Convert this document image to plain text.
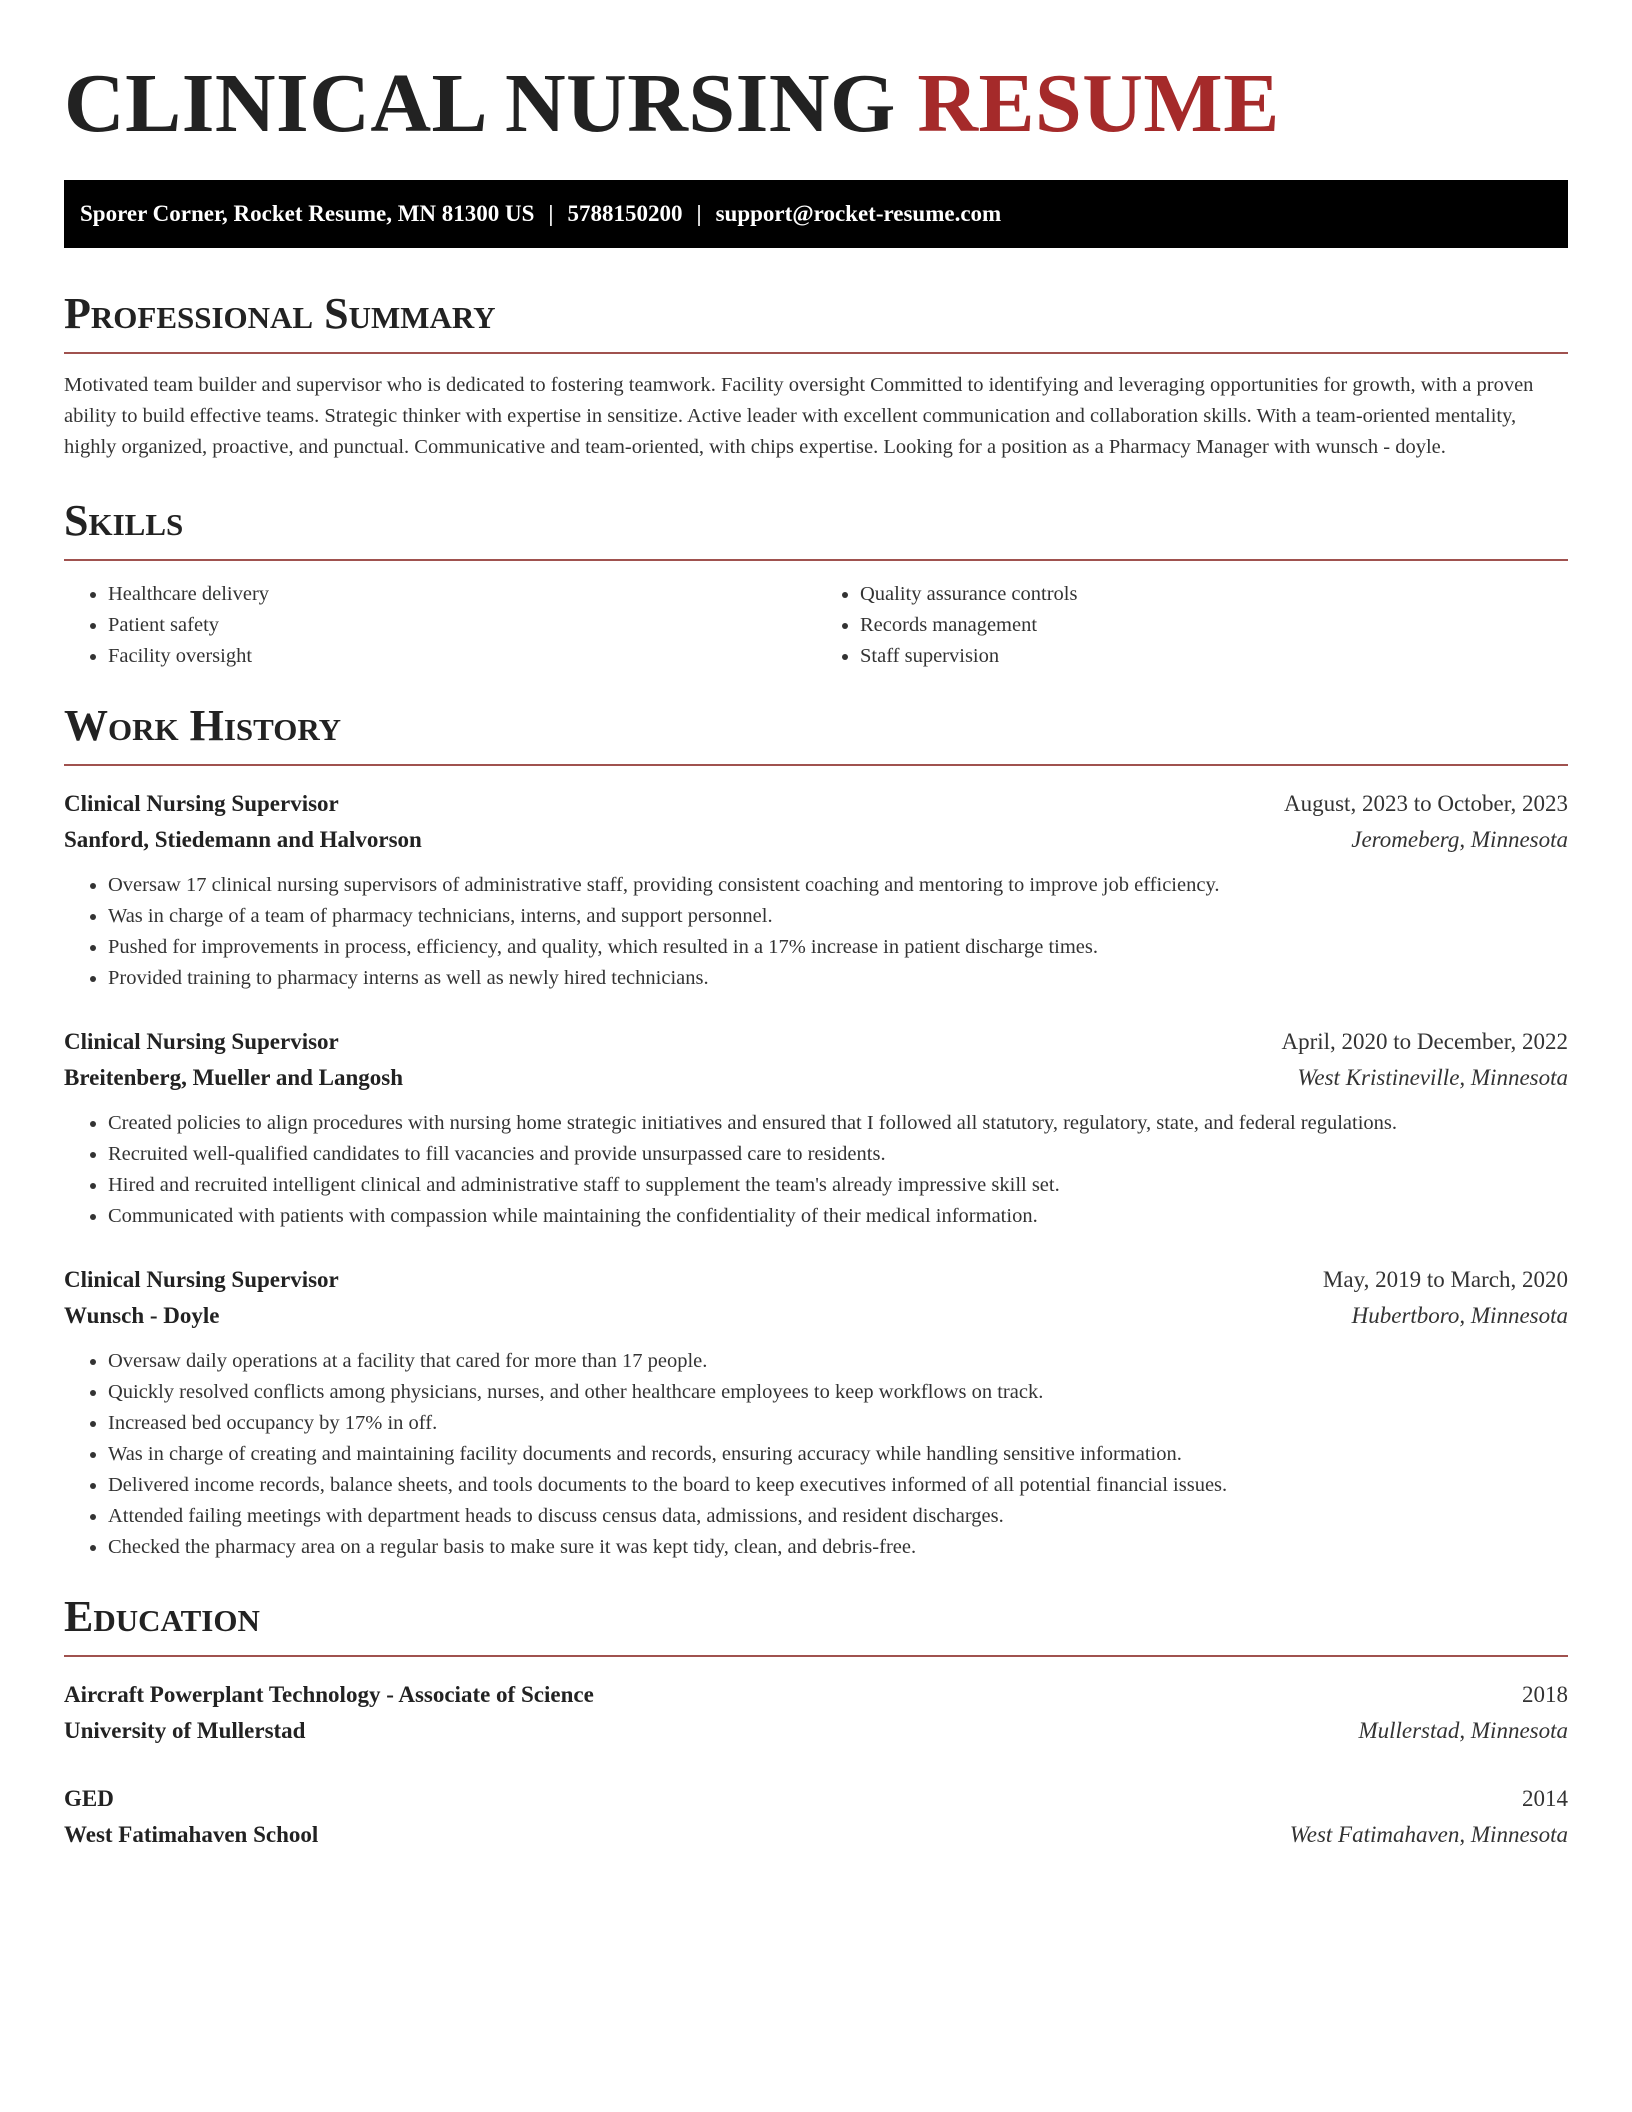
CLINICAL NURSING RESUME
Sporer Corner, Rocket Resume, MN 81300 US | 5788150200 | support@rocket-resume.com
Professional Summary

Motivated team builder and supervisor who is dedicated to fostering teamwork. Facility oversight Committed to identifying and leveraging opportunities for growth, with a proven ability to build effective teams. Strategic thinker with expertise in sensitize. Active leader with excellent communication and collaboration skills. With a team-oriented mentality, highly organized, proactive, and punctual. Communicative and team-oriented, with chips expertise. Looking for a position as a Pharmacy Manager with wunsch - doyle.

Skills
• Healthcare delivery
• Patient safety
• Facility oversight
• Quality assurance controls
• Records management
• Staff supervision
Work History
Clinical Nursing Supervisor	August, 2023 to October, 2023
Sanford, Stiedemann and Halvorson	Jeromeberg, Minnesota
• Oversaw 17 clinical nursing supervisors of administrative staff, providing consistent coaching and mentoring to improve job efficiency.
• Was in charge of a team of pharmacy technicians, interns, and support personnel.
• Pushed for improvements in process, efficiency, and quality, which resulted in a 17% increase in patient discharge times.
• Provided training to pharmacy interns as well as newly hired technicians.
Clinical Nursing Supervisor	April, 2020 to December, 2022
Breitenberg, Mueller and Langosh	West Kristineville, Minnesota
• Created policies to align procedures with nursing home strategic initiatives and ensured that I followed all statutory, regulatory, state, and federal regulations.
• Recruited well-qualified candidates to fill vacancies and provide unsurpassed care to residents.
• Hired and recruited intelligent clinical and administrative staff to supplement the team's already impressive skill set.
• Communicated with patients with compassion while maintaining the confidentiality of their medical information.
Clinical Nursing Supervisor	May, 2019 to March, 2020
Wunsch - Doyle	Hubertboro, Minnesota
• Oversaw daily operations at a facility that cared for more than 17 people.
• Quickly resolved conflicts among physicians, nurses, and other healthcare employees to keep workflows on track.
• Increased bed occupancy by 17% in off.
• Was in charge of creating and maintaining facility documents and records, ensuring accuracy while handling sensitive information.
• Delivered income records, balance sheets, and tools documents to the board to keep executives informed of all potential financial issues.
• Attended failing meetings with department heads to discuss census data, admissions, and resident discharges.
• Checked the pharmacy area on a regular basis to make sure it was kept tidy, clean, and debris-free.
Education
Aircraft Powerplant Technology - Associate of Science	2018
University of Mullerstad	Mullerstad, Minnesota
GED	2014
West Fatimahaven School	West Fatimahaven, Minnesota
